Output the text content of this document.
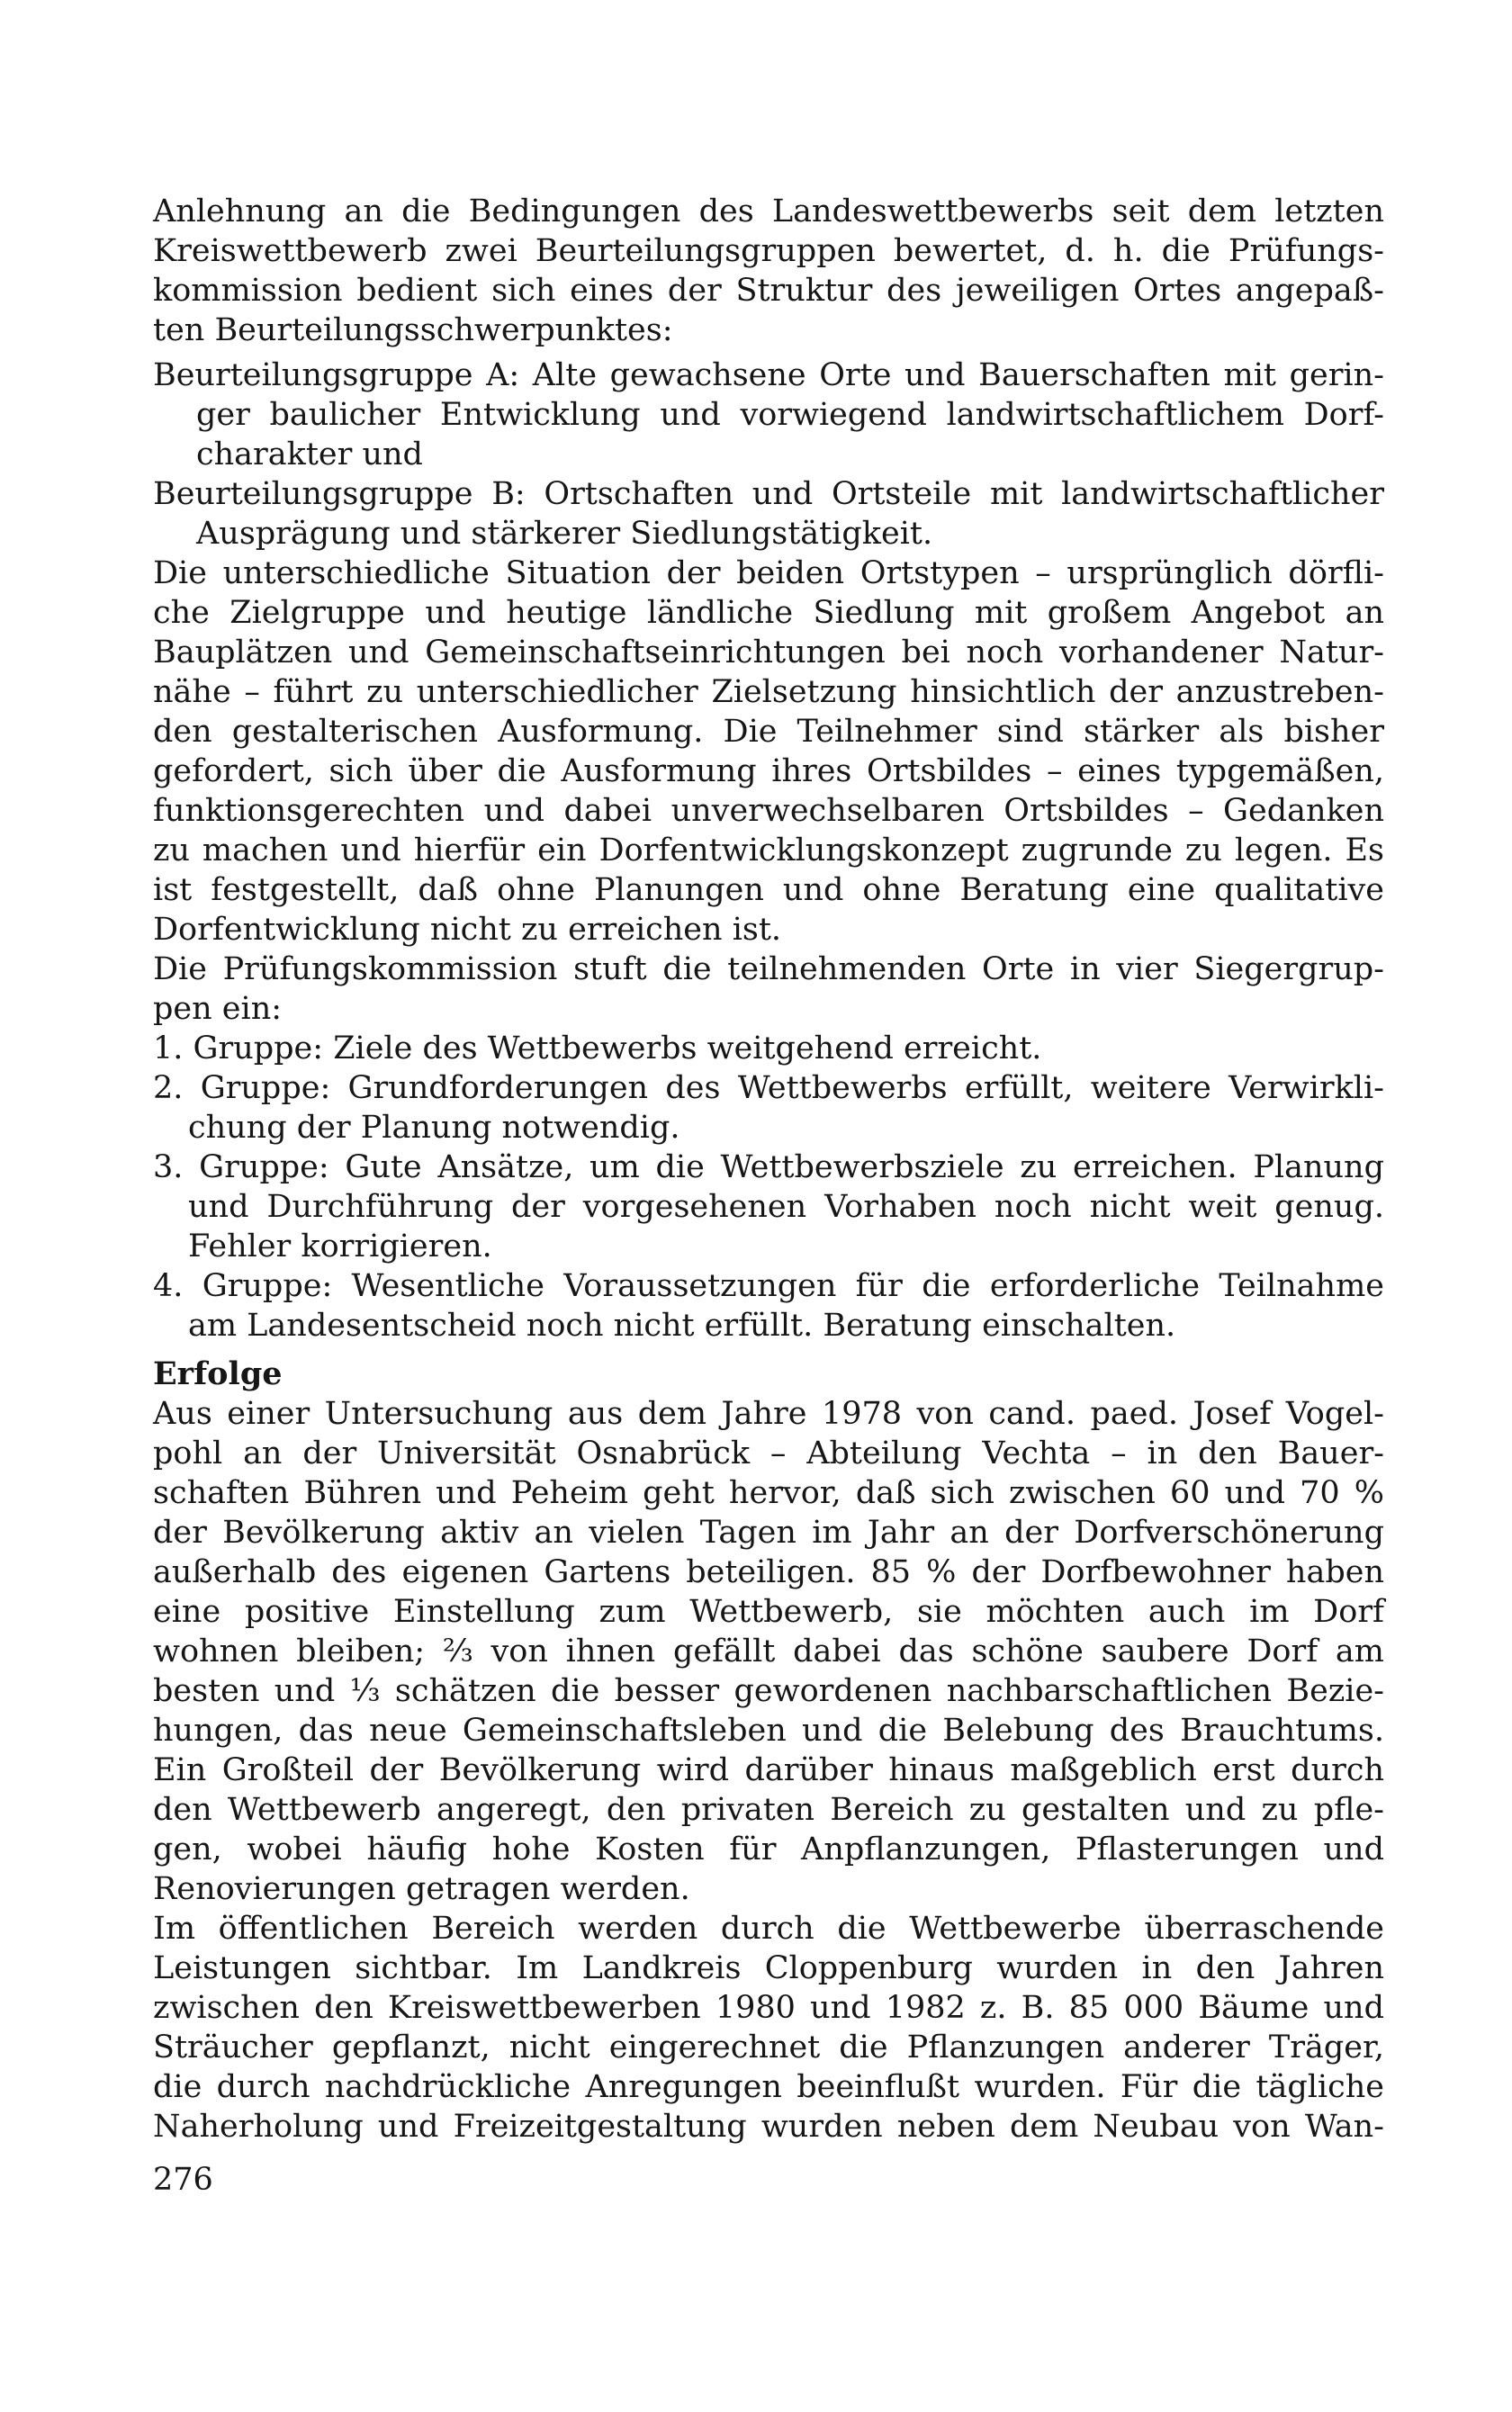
Anlehnung an die Bedingungen des Landeswettbewerbs seit dem letzten
Kreiswettbewerb zwei Beurteilungsgruppen bewertet, d. h. die Prüfungs-
kommission bedient sich eines der Struktur des jeweiligen Ortes angepaß-
ten Beurteilungsschwerpunktes:
Beurteilungsgruppe A: Alte gewachsene Orte und Bauerschaften mit gerin-
ger baulicher Entwicklung und vorwiegend landwirtschaftlichem Dorf-
charakter und
Beurteilungsgruppe B: Ortschaften und Ortsteile mit landwirtschaftlicher
Ausprägung und stärkerer Siedlungstätigkeit.
Die unterschiedliche Situation der beiden Ortstypen – ursprünglich dörfli-
che Zielgruppe und heutige ländliche Siedlung mit großem Angebot an
Bauplätzen und Gemeinschaftseinrichtungen bei noch vorhandener Natur-
nähe – führt zu unterschiedlicher Zielsetzung hinsichtlich der anzustreben-
den gestalterischen Ausformung. Die Teilnehmer sind stärker als bisher
gefordert, sich über die Ausformung ihres Ortsbildes – eines typgemäßen,
funktionsgerechten und dabei unverwechselbaren Ortsbildes – Gedanken
zu machen und hierfür ein Dorfentwicklungskonzept zugrunde zu legen. Es
ist festgestellt, daß ohne Planungen und ohne Beratung eine qualitative
Dorfentwicklung nicht zu erreichen ist.
Die Prüfungskommission stuft die teilnehmenden Orte in vier Siegergrup-
pen ein:
1. Gruppe: Ziele des Wettbewerbs weitgehend erreicht.
2. Gruppe: Grundforderungen des Wettbewerbs erfüllt, weitere Verwirkli-
chung der Planung notwendig.
3. Gruppe: Gute Ansätze, um die Wettbewerbsziele zu erreichen. Planung
und Durchführung der vorgesehenen Vorhaben noch nicht weit genug.
Fehler korrigieren.
4. Gruppe: Wesentliche Voraussetzungen für die erforderliche Teilnahme
am Landesentscheid noch nicht erfüllt. Beratung einschalten.
Erfolge
Aus einer Untersuchung aus dem Jahre 1978 von cand. paed. Josef Vogel-
pohl an der Universität Osnabrück – Abteilung Vechta – in den Bauer-
schaften Bühren und Peheim geht hervor, daß sich zwischen 60 und 70 %
der Bevölkerung aktiv an vielen Tagen im Jahr an der Dorfverschönerung
außerhalb des eigenen Gartens beteiligen. 85 % der Dorfbewohner haben
eine positive Einstellung zum Wettbewerb, sie möchten auch im Dorf
wohnen bleiben; ⅔ von ihnen gefällt dabei das schöne saubere Dorf am
besten und ⅓ schätzen die besser gewordenen nachbarschaftlichen Bezie-
hungen, das neue Gemeinschaftsleben und die Belebung des Brauchtums.
Ein Großteil der Bevölkerung wird darüber hinaus maßgeblich erst durch
den Wettbewerb angeregt, den privaten Bereich zu gestalten und zu pfle-
gen, wobei häufig hohe Kosten für Anpflanzungen, Pflasterungen und
Renovierungen getragen werden.
Im öffentlichen Bereich werden durch die Wettbewerbe überraschende
Leistungen sichtbar. Im Landkreis Cloppenburg wurden in den Jahren
zwischen den Kreiswettbewerben 1980 und 1982 z. B. 85 000 Bäume und
Sträucher gepflanzt, nicht eingerechnet die Pflanzungen anderer Träger,
die durch nachdrückliche Anregungen beeinflußt wurden. Für die tägliche
Naherholung und Freizeitgestaltung wurden neben dem Neubau von Wan-
276
